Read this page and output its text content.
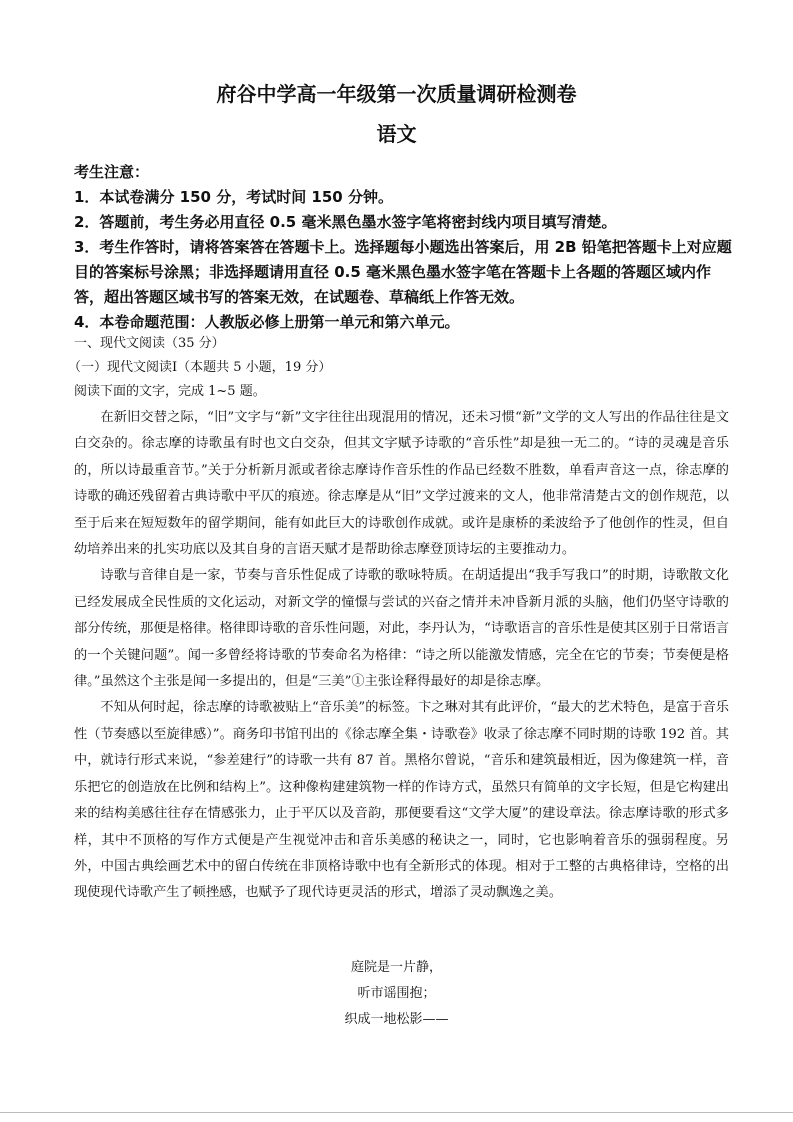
府谷中学高一年级第一次质量调研检测卷
语文

考生注意：

1．本试卷满分 150 分，考试时间 150 分钟。

2．答题前，考生务必用直径 0.5 毫米黑色墨水签字笔将密封线内项目填写清楚。

3．考生作答时，请将答案答在答题卡上。选择题每小题选出答案后，用 2B 铅笔把答题卡上对应题目的答案标号涂黑；非选择题请用直径 0.5 毫米黑色墨水签字笔在答题卡上各题的答题区域内作答，超出答题区域书写的答案无效，在试题卷、草稿纸上作答无效。

4．本卷命题范围：人教版必修上册第一单元和第六单元。

一、现代文阅读（35 分）
（一）现代文阅读Ⅰ（本题共 5 小题，19 分）
阅读下面的文字，完成 1~5 题。

在新旧交替之际，“旧”文字与“新”文字往往出现混用的情况，还未习惯“新”文学的文人写出的作品往往是文白交杂的。徐志摩的诗歌虽有时也文白交杂，但其文字赋予诗歌的“音乐性”却是独一无二的。“诗的灵魂是音乐的，所以诗最重音节。”关于分析新月派或者徐志摩诗作音乐性的作品已经数不胜数，单看声音这一点，徐志摩的诗歌的确还残留着古典诗歌中平仄的痕迹。徐志摩是从“旧”文学过渡来的文人，他非常清楚古文的创作规范，以至于后来在短短数年的留学期间，能有如此巨大的诗歌创作成就。或许是康桥的柔波给予了他创作的性灵，但自幼培养出来的扎实功底以及其自身的言语天赋才是帮助徐志摩登顶诗坛的主要推动力。

诗歌与音律自是一家，节奏与音乐性促成了诗歌的歌咏特质。在胡适提出“我手写我口”的时期，诗歌散文化已经发展成全民性质的文化运动，对新文学的憧憬与尝试的兴奋之情并未冲昏新月派的头脑，他们仍坚守诗歌的部分传统，那便是格律。格律即诗歌的音乐性问题，对此，李丹认为，“诗歌语言的音乐性是使其区别于日常语言的一个关键问题”。闻一多曾经将诗歌的节奏命名为格律：“诗之所以能激发情感，完全在它的节奏；节奏便是格律。”虽然这个主张是闻一多提出的，但是“三美”①主张诠释得最好的却是徐志摩。

不知从何时起，徐志摩的诗歌被贴上“音乐美”的标签。卞之琳对其有此评价，“最大的艺术特色，是富于音乐性（节奏感以至旋律感）”。商务印书馆刊出的《徐志摩全集・诗歌卷》收录了徐志摩不同时期的诗歌 192 首。其中，就诗行形式来说，“参差建行”的诗歌一共有 87 首。黑格尔曾说，“音乐和建筑最相近，因为像建筑一样，音乐把它的创造放在比例和结构上”。这种像构建建筑物一样的作诗方式，虽然只有简单的文字长短，但是它构建出来的结构美感往往存在情感张力，止于平仄以及音韵，那便要看这“文学大厦”的建设章法。徐志摩诗歌的形式多样，其中不顶格的写作方式便是产生视觉冲击和音乐美感的秘诀之一，同时，它也影响着音乐的强弱程度。另外，中国古典绘画艺术中的留白传统在非顶格诗歌中也有全新形式的体现。相对于工整的古典格律诗，空格的出现使现代诗歌产生了顿挫感，也赋予了现代诗更灵活的形式，增添了灵动飘逸之美。

庭院是一片静，
听市谣围抱；
织成一地松影——
